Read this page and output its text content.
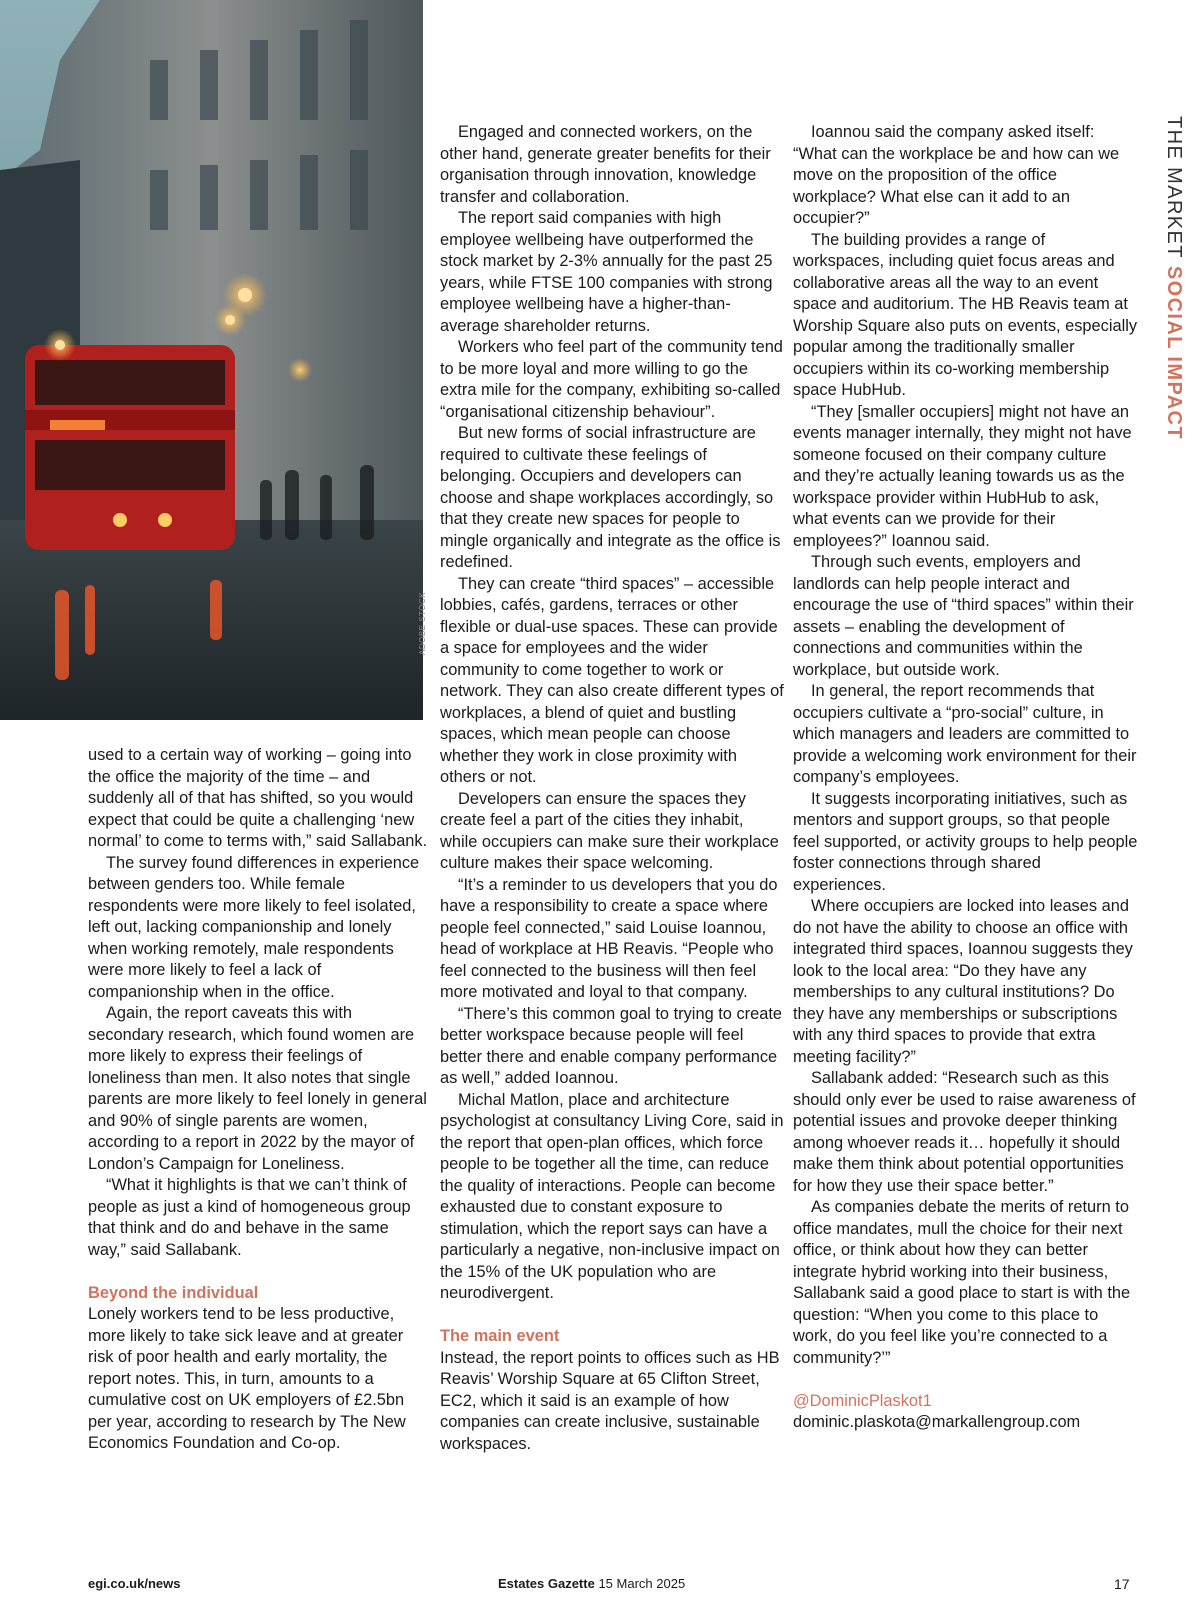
ADOBE STOCK
THE MARKET SOCIAL IMPACT

used to a certain way of working – going into the office the majority of the time – and suddenly all of that has shifted, so you would expect that could be quite a challenging ‘new normal’ to come to terms with,” said Sallabank.

The survey found differences in experience between genders too. While female respondents were more likely to feel isolated, left out, lacking companionship and lonely when working remotely, male respondents were more likely to feel a lack of companionship when in the office.

Again, the report caveats this with secondary research, which found women are more likely to express their feelings of loneliness than men. It also notes that single parents are more likely to feel lonely in general and 90% of single parents are women, according to a report in 2022 by the mayor of London’s Campaign for Loneliness.

“What it highlights is that we can’t think of people as just a kind of homogeneous group that think and do and behave in the same way,” said Sallabank.

Beyond the individual

Lonely workers tend to be less productive, more likely to take sick leave and at greater risk of poor health and early mortality, the report notes. This, in turn, amounts to a cumulative cost on UK employers of £2.5bn per year, according to research by The New Economics Foundation and Co-op.

Engaged and connected workers, on the other hand, generate greater benefits for their organisation through innovation, knowledge transfer and collaboration.

The report said companies with high employee wellbeing have outperformed the stock market by 2-3% annually for the past 25 years, while FTSE 100 companies with strong employee wellbeing have a higher-than-average shareholder returns.

Workers who feel part of the community tend to be more loyal and more willing to go the extra mile for the company, exhibiting so-called “organisational citizenship behaviour”.

But new forms of social infrastructure are required to cultivate these feelings of belonging. Occupiers and developers can choose and shape workplaces accordingly, so that they create new spaces for people to mingle organically and integrate as the office is redefined.

They can create “third spaces” – accessible lobbies, cafés, gardens, terraces or other flexible or dual-use spaces. These can provide a space for employees and the wider community to come together to work or network. They can also create different types of workplaces, a blend of quiet and bustling spaces, which mean people can choose whether they work in close proximity with others or not.

Developers can ensure the spaces they create feel a part of the cities they inhabit, while occupiers can make sure their workplace culture makes their space welcoming.

“It’s a reminder to us developers that you do have a responsibility to create a space where people feel connected,” said Louise Ioannou, head of workplace at HB Reavis. “People who feel connected to the business will then feel more motivated and loyal to that company.

“There’s this common goal to trying to create better workspace because people will feel better there and enable company performance as well,” added Ioannou.

Michal Matlon, place and architecture psychologist at consultancy Living Core, said in the report that open-plan offices, which force people to be together all the time, can reduce the quality of interactions. People can become exhausted due to constant exposure to stimulation, which the report says can have a particularly a negative, non-inclusive impact on the 15% of the UK population who are neurodivergent.

The main event

Instead, the report points to offices such as HB Reavis’ Worship Square at 65 Clifton Street, EC2, which it said is an example of how companies can create inclusive, sustainable workspaces.

Ioannou said the company asked itself: “What can the workplace be and how can we move on the proposition of the office workplace? What else can it add to an occupier?”

The building provides a range of workspaces, including quiet focus areas and collaborative areas all the way to an event space and auditorium. The HB Reavis team at Worship Square also puts on events, especially popular among the traditionally smaller occupiers within its co-working membership space HubHub.

“They [smaller occupiers] might not have an events manager internally, they might not have someone focused on their company culture and they’re actually leaning towards us as the workspace provider within HubHub to ask, what events can we provide for their employees?” Ioannou said.

Through such events, employers and landlords can help people interact and encourage the use of “third spaces” within their assets – enabling the development of connections and communities within the workplace, but outside work.

In general, the report recommends that occupiers cultivate a “pro-social” culture, in which managers and leaders are committed to provide a welcoming work environment for their company’s employees.

It suggests incorporating initiatives, such as mentors and support groups, so that people feel supported, or activity groups to help people foster connections through shared experiences.

Where occupiers are locked into leases and do not have the ability to choose an office with integrated third spaces, Ioannou suggests they look to the local area: “Do they have any memberships to any cultural institutions? Do they have any memberships or subscriptions with any third spaces to provide that extra meeting facility?”

Sallabank added: “Research such as this should only ever be used to raise awareness of potential issues and provoke deeper thinking among whoever reads it… hopefully it should make them think about potential opportunities for how they use their space better.”

As companies debate the merits of return to office mandates, mull the choice for their next office, or think about how they can better integrate hybrid working into their business, Sallabank said a good place to start is with the question: “When you come to this place to work, do you feel like you’re connected to a community?’”

@DominicPlaskot1

dominic.plaskota@markallengroup.com

egi.co.uk/news	Estates Gazette 15 March 2025	17
